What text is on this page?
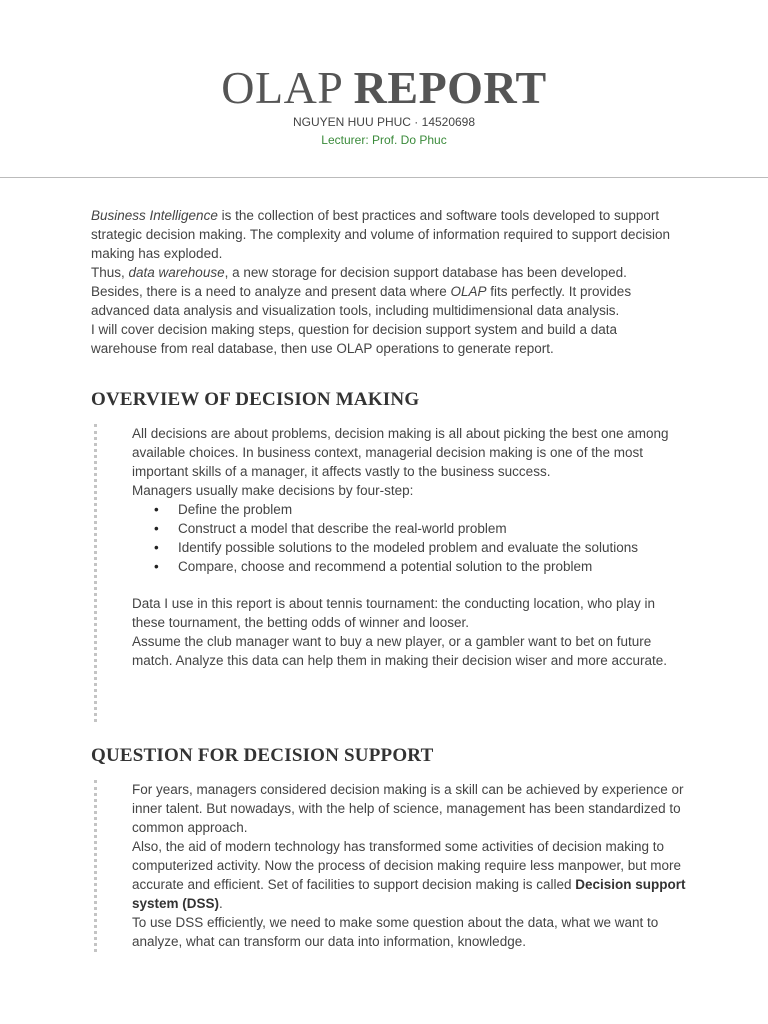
OLAP REPORT
NGUYEN HUU PHUC · 14520698
Lecturer: Prof. Do Phuc

Business Intelligence is the collection of best practices and software tools developed to support strategic decision making. The complexity and volume of information required to support decision making has exploded.

Thus, data warehouse, a new storage for decision support database has been developed.

Besides, there is a need to analyze and present data where OLAP fits perfectly. It provides advanced data analysis and visualization tools, including multidimensional data analysis.

I will cover decision making steps, question for decision support system and build a data warehouse from real database, then use OLAP operations to generate report.

OVERVIEW OF DECISION MAKING

All decisions are about problems, decision making is all about picking the best one among available choices. In business context, managerial decision making is one of the most important skills of a manager, it affects vastly to the business success.

Managers usually make decisions by four-step:

• Define the problem
• Construct a model that describe the real-world problem
• Identify possible solutions to the modeled problem and evaluate the solutions
• Compare, choose and recommend a potential solution to the problem

Data I use in this report is about tennis tournament: the conducting location, who play in these tournament, the betting odds of winner and looser.

Assume the club manager want to buy a new player, or a gambler want to bet on future match. Analyze this data can help them in making their decision wiser and more accurate.

QUESTION FOR DECISION SUPPORT

For years, managers considered decision making is a skill can be achieved by experience or inner talent. But nowadays, with the help of science, management has been standardized to common approach.

Also, the aid of modern technology has transformed some activities of decision making to computerized activity. Now the process of decision making require less manpower, but more accurate and efficient. Set of facilities to support decision making is called Decision support system (DSS).

To use DSS efficiently, we need to make some question about the data, what we want to analyze, what can transform our data into information, knowledge.
